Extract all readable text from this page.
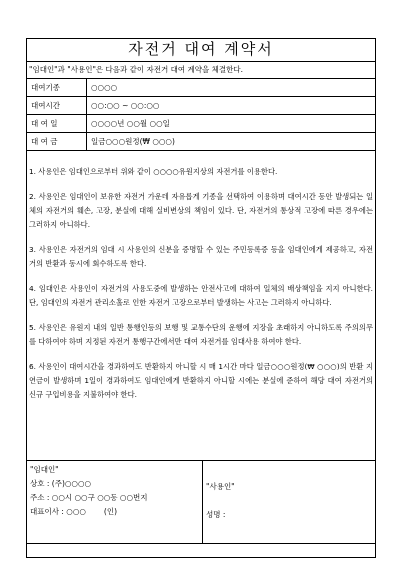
자전거 대여 계약서
"임대인"과 "사용인"은 다음과 같이 자전거 대여 계약을 체결한다.
대여기종	○○○○
대여시간	○○:○○ ~ ○○:○○
대 여 일	○○○○년 ○○월 ○○일
대 여 금	일금○○○원정(₩ ○○○)

1. 사용인은 임대인으로부터 위와 같이 ○○○○유원지상의 자전거를 이용한다.

2. 사용인은 임대인이 보유한 자전거 가운데 자유롭게 기종을 선택하여 이용하며 대여시간 동안 발생되는 일체의 자전거의 훼손, 고장, 분실에 대해 실비변상의 책임이 있다. 단, 자전거의 통상적 고장에 따른 경우에는 그러하지 아니하다.

3. 사용인은 자전거의 임대 시 사용인의 신분을 증명할 수 있는 주민등록증 등을 임대인에게 제공하고, 자전거의 반환과 동시에 회수하도록 한다.

4. 임대인은 사용인이 자전거의 사용도중에 발생하는 안전사고에 대하여 일체의 배상책임을 지지 아니한다. 단, 임대인의 자전거 관리소홀로 인한 자전거 고장으로부터 발생하는 사고는 그러하지 아니하다.

5. 사용인은 유원지 내의 일반 통행인등의 보행 및 교통수단의 운행에 지장을 초래하지 아니하도록 주의의무를 다하여야 하며 지정된 자전거 통행구간에서만 대여 자전거를 임대사용 하여야 한다.

6. 사용인이 대여시간을 경과하여도 반환하지 아니할 시 매 1시간 마다 일금○○○원정(₩ ○○○)의 반환 지연금이 발생하며 1일이 경과하여도 임대인에게 반환하지 아니할 시에는 분실에 준하여 해당 대여 자전거의 신규 구입비용을 지불하여야 한다.

"임대인"
상호 : (주)○○○○
주소 : ○○시 ○○구 ○○동 ○○번지
대표이사 : ○○○ (인)
"사용인"
성명 :
